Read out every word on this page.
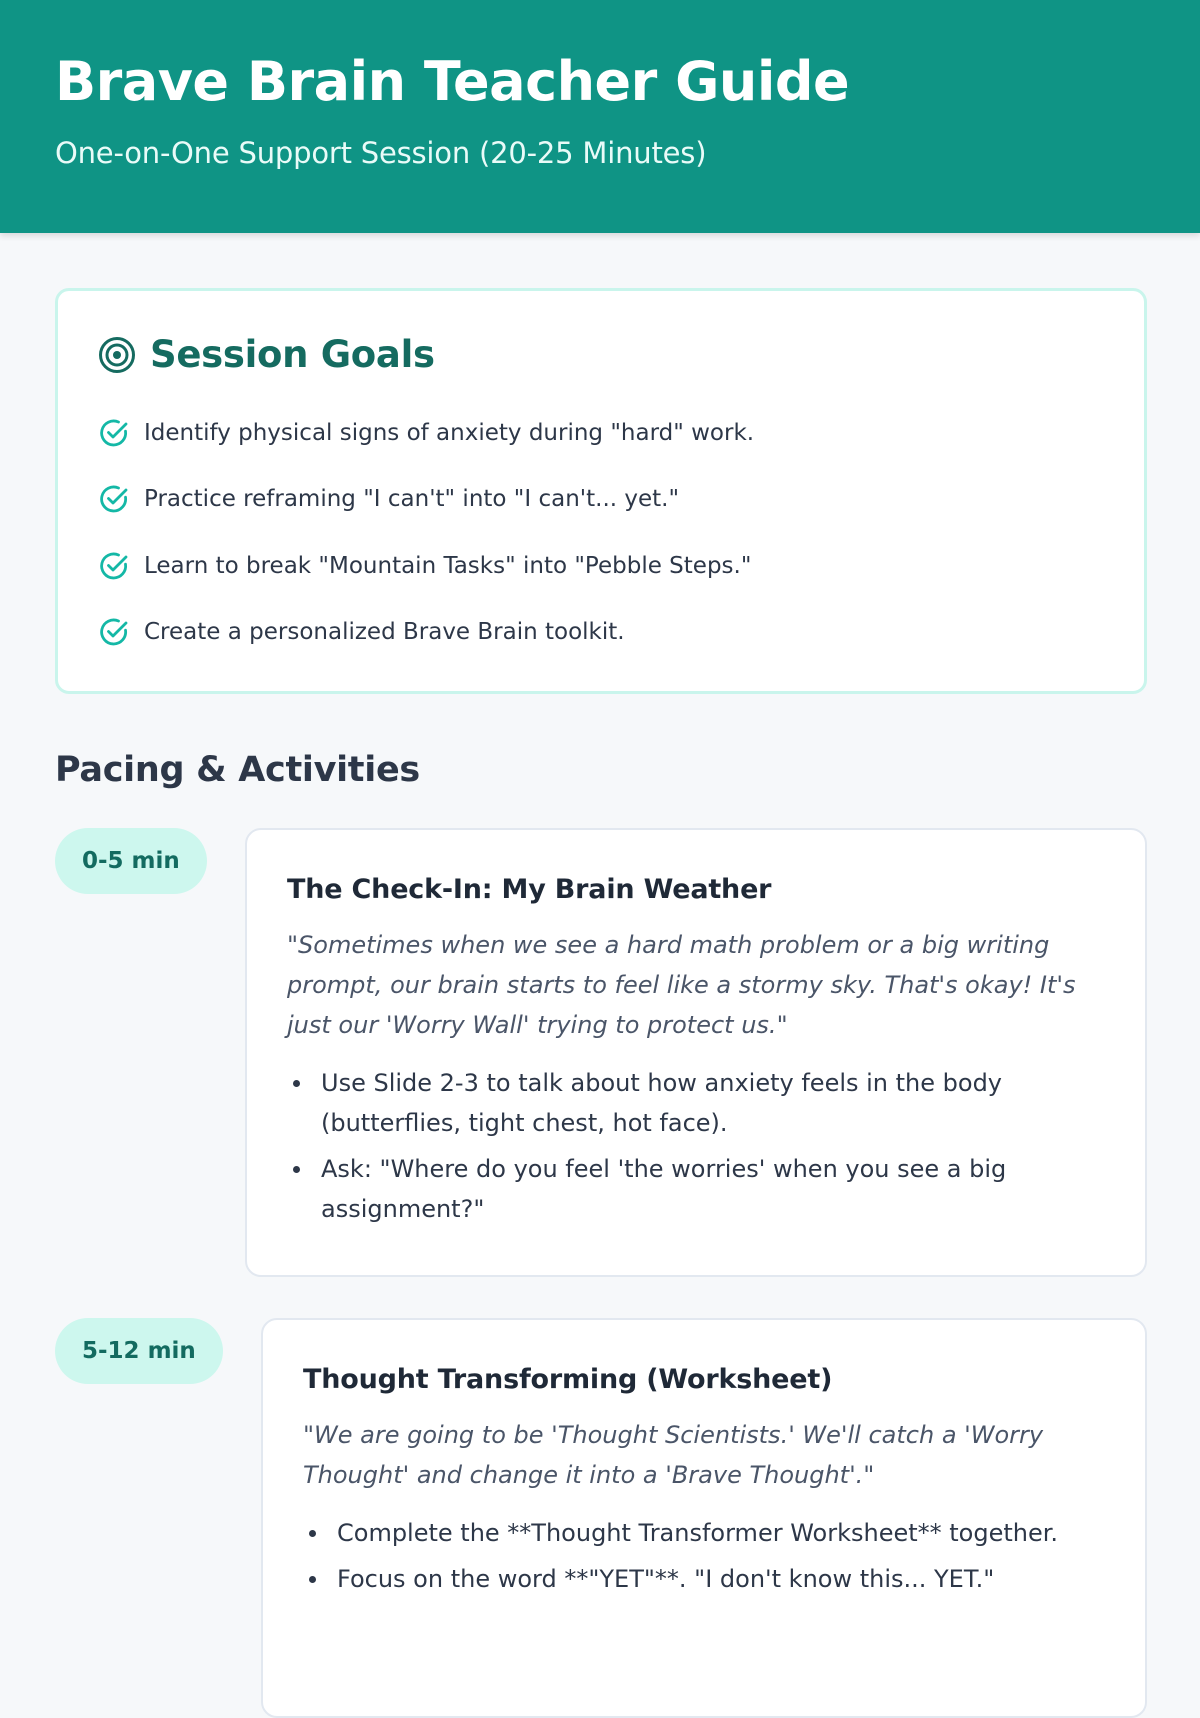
Brave Brain Teacher Guide
One-on-One Support Session (20-25 Minutes)
Session Goals
Identify physical signs of anxiety during "hard" work.
Practice reframing "I can't" into "I can't... yet."
Learn to break "Mountain Tasks" into "Pebble Steps."
Create a personalized Brave Brain toolkit.
Pacing & Activities
0-5 min
The Check-In: My Brain Weather
"Sometimes when we see a hard math problem or a big writing prompt, our brain starts to feel like a stormy sky. That's okay! It's just our 'Worry Wall' trying to protect us."
Use Slide 2-3 to talk about how anxiety feels in the body (butterflies, tight chest, hot face).
Ask: "Where do you feel 'the worries' when you see a big assignment?"
5-12 min
Thought Transforming (Worksheet)
"We are going to be 'Thought Scientists.' We'll catch a 'Worry Thought' and change it into a 'Brave Thought'."
Complete the **Thought Transformer Worksheet** together.
Focus on the word **"YET"**. "I don't know this... YET."
